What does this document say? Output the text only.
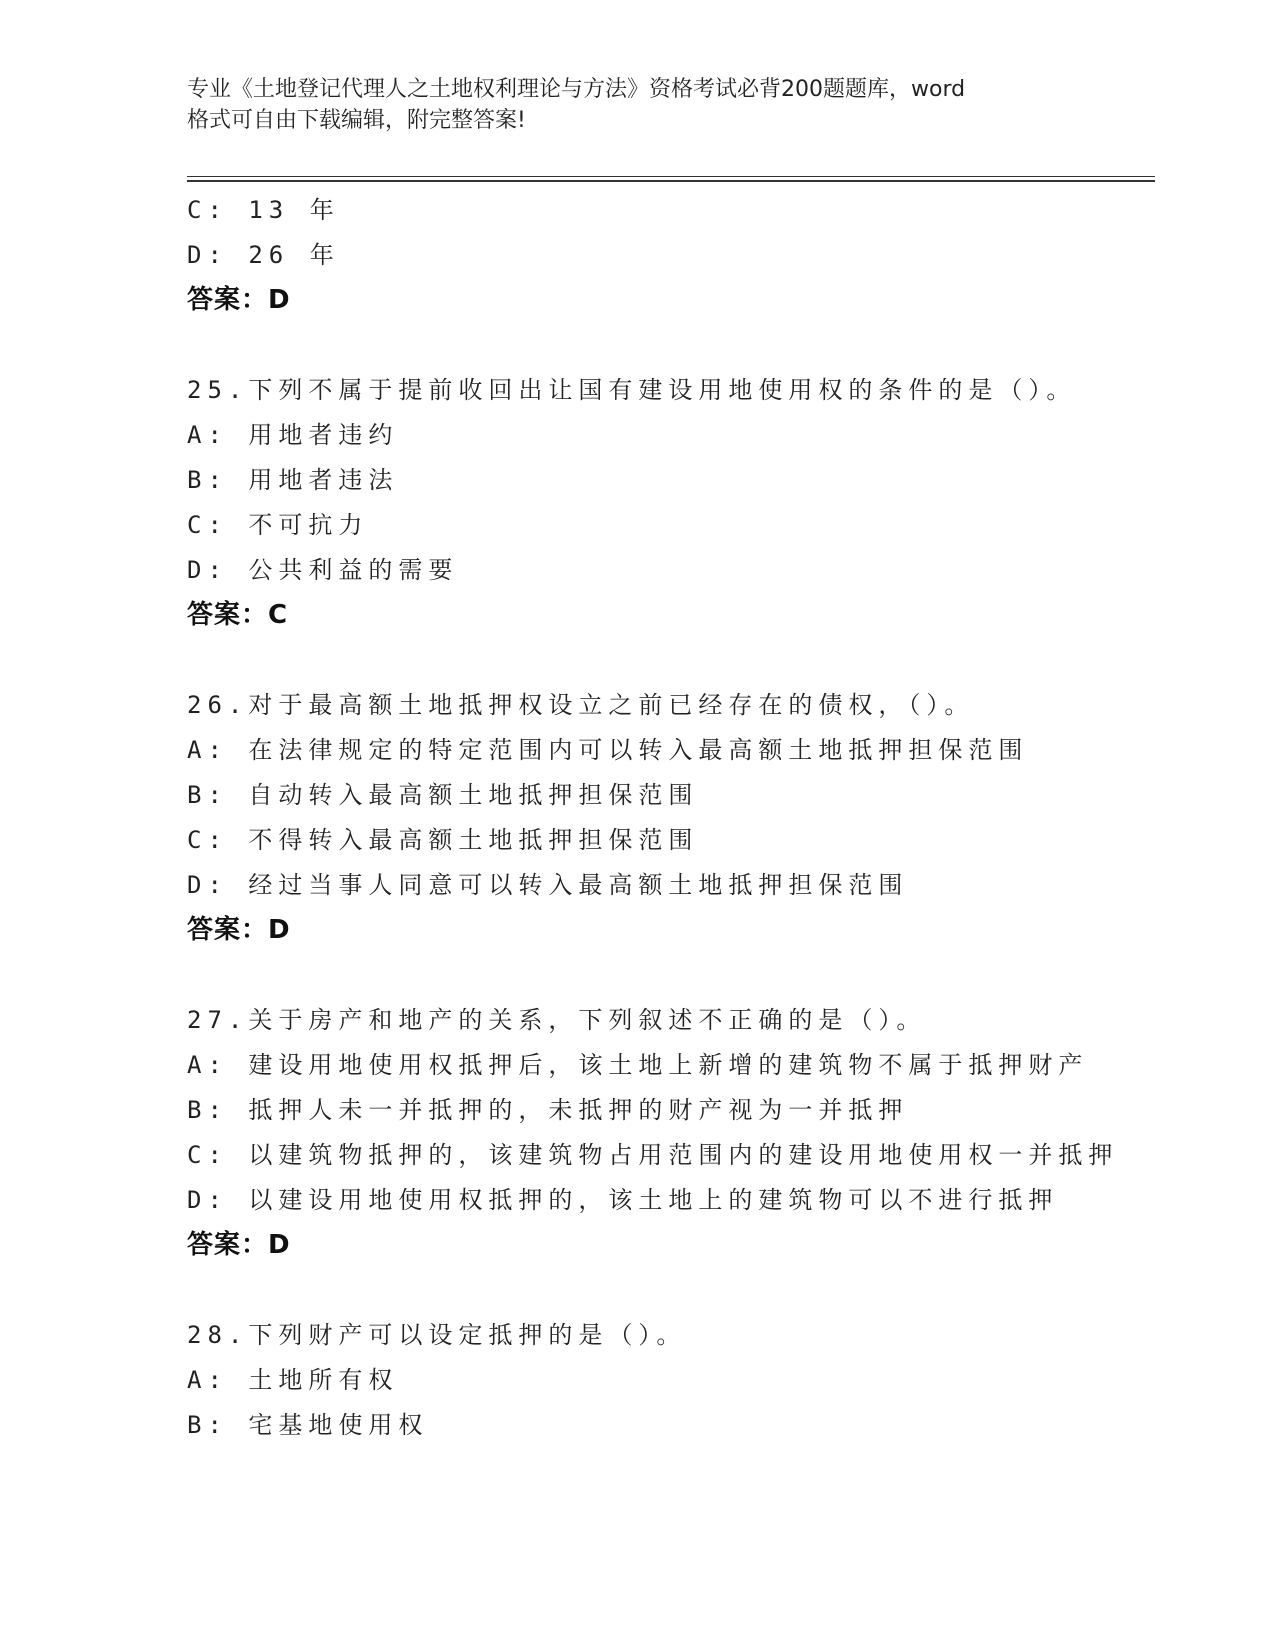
专业《土地登记代理人之土地权利理论与方法》资格考试必背200题题库，word
格式可自由下载编辑，附完整答案!
C: 13 年
D: 26 年
答案：D
25.下列不属于提前收回出让国有建设用地使用权的条件的是（）。
A: 用地者违约
B: 用地者违法
C: 不可抗力
D: 公共利益的需要
答案：C
26.对于最高额土地抵押权设立之前已经存在的债权，（）。
A: 在法律规定的特定范围内可以转入最高额土地抵押担保范围
B: 自动转入最高额土地抵押担保范围
C: 不得转入最高额土地抵押担保范围
D: 经过当事人同意可以转入最高额土地抵押担保范围
答案：D
27.关于房产和地产的关系，下列叙述不正确的是（）。
A: 建设用地使用权抵押后，该土地上新增的建筑物不属于抵押财产
B: 抵押人未一并抵押的，未抵押的财产视为一并抵押
C: 以建筑物抵押的，该建筑物占用范围内的建设用地使用权一并抵押
D: 以建设用地使用权抵押的，该土地上的建筑物可以不进行抵押
答案：D
28.下列财产可以设定抵押的是（）。
A: 土地所有权
B: 宅基地使用权
